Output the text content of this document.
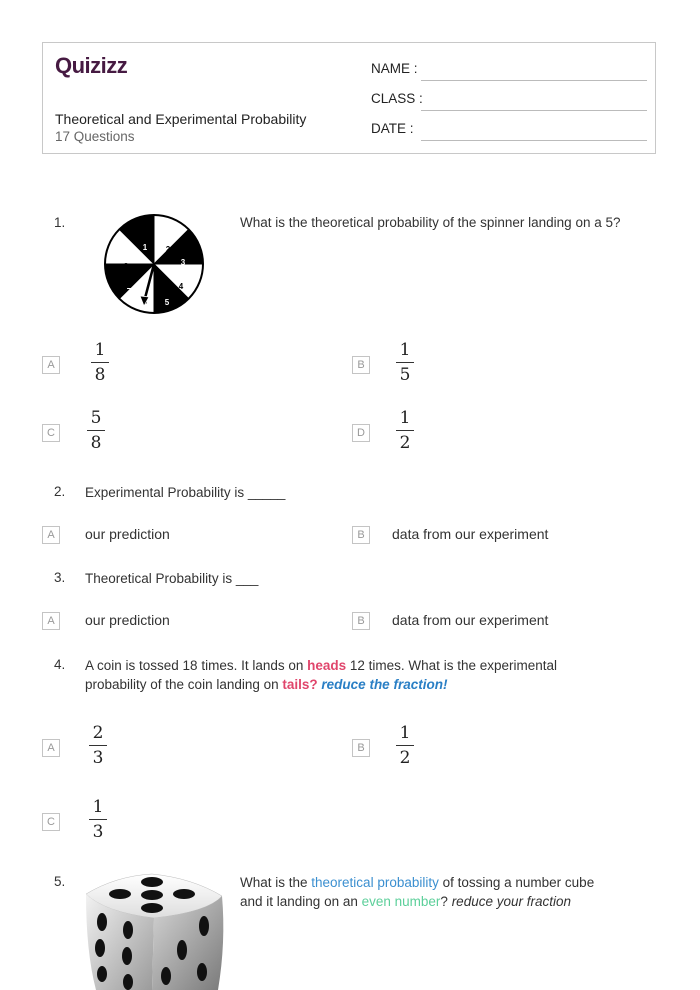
Quizizz
Theoretical and Experimental Probability
17 Questions
NAME :
CLASS :
DATE :
1.
1 2
3
4
5
7
8
What is the theoretical probability of the spinner landing on a 5?
A
1
8	B
1
5
C
5
8	D
1
2
2. Experimental Probability is _____
A	our prediction	B	data from our experiment
3. Theoretical Probability is ___
A	our prediction	B	data from our experiment
4. A coin is tossed 18 times. It lands on heads 12 times. What is the experimental
probability of the coin landing on tails? reduce the fraction!
A
2
3	B
1
2
C
1
3
5.	What is the theoretical probability of tossing a number cube
and it landing on an even number? reduce your fraction
